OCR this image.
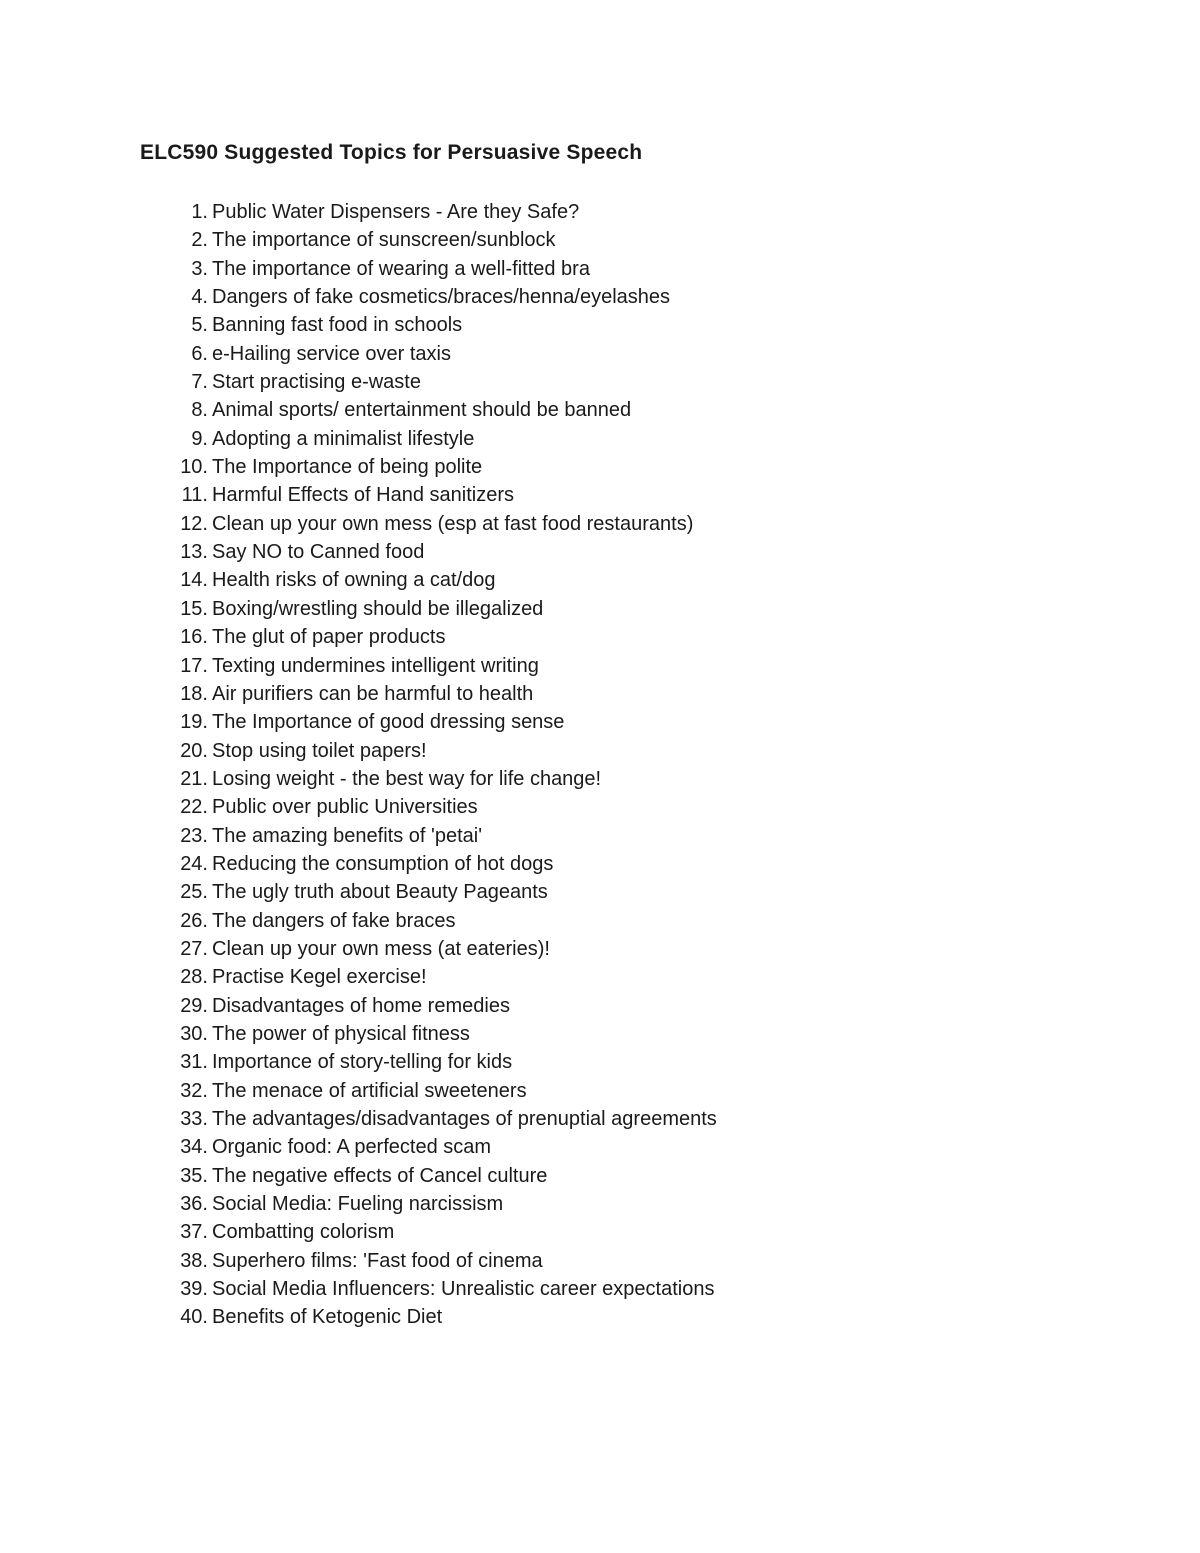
ELC590 Suggested Topics for Persuasive Speech
1. Public Water Dispensers - Are they Safe?
2. The importance of sunscreen/sunblock
3. The importance of wearing a well-fitted bra
4. Dangers of fake cosmetics/braces/henna/eyelashes
5. Banning fast food in schools
6. e-Hailing service over taxis
7. Start practising e-waste
8. Animal sports/ entertainment should be banned
9. Adopting a minimalist lifestyle
10. The Importance of being polite
11. Harmful Effects of Hand sanitizers
12. Clean up your own mess (esp at fast food restaurants)
13. Say NO to Canned food
14. Health risks of owning a cat/dog
15. Boxing/wrestling should be illegalized
16. The glut of paper products
17. Texting undermines intelligent writing
18. Air purifiers can be harmful to health
19. The Importance of good dressing sense
20. Stop using toilet papers!
21. Losing weight - the best way for life change!
22. Public over public Universities
23. The amazing benefits of 'petai'
24. Reducing the consumption of hot dogs
25. The ugly truth about Beauty Pageants
26. The dangers of fake braces
27. Clean up your own mess (at eateries)!
28. Practise Kegel exercise!
29. Disadvantages of home remedies
30. The power of physical fitness
31. Importance of story-telling for kids
32. The menace of artificial sweeteners
33. The advantages/disadvantages of prenuptial agreements
34. Organic food: A perfected scam
35. The negative effects of Cancel culture
36. Social Media: Fueling narcissism
37. Combatting colorism
38. Superhero films: 'Fast food of cinema
39. Social Media Influencers: Unrealistic career expectations
40. Benefits of Ketogenic Diet
